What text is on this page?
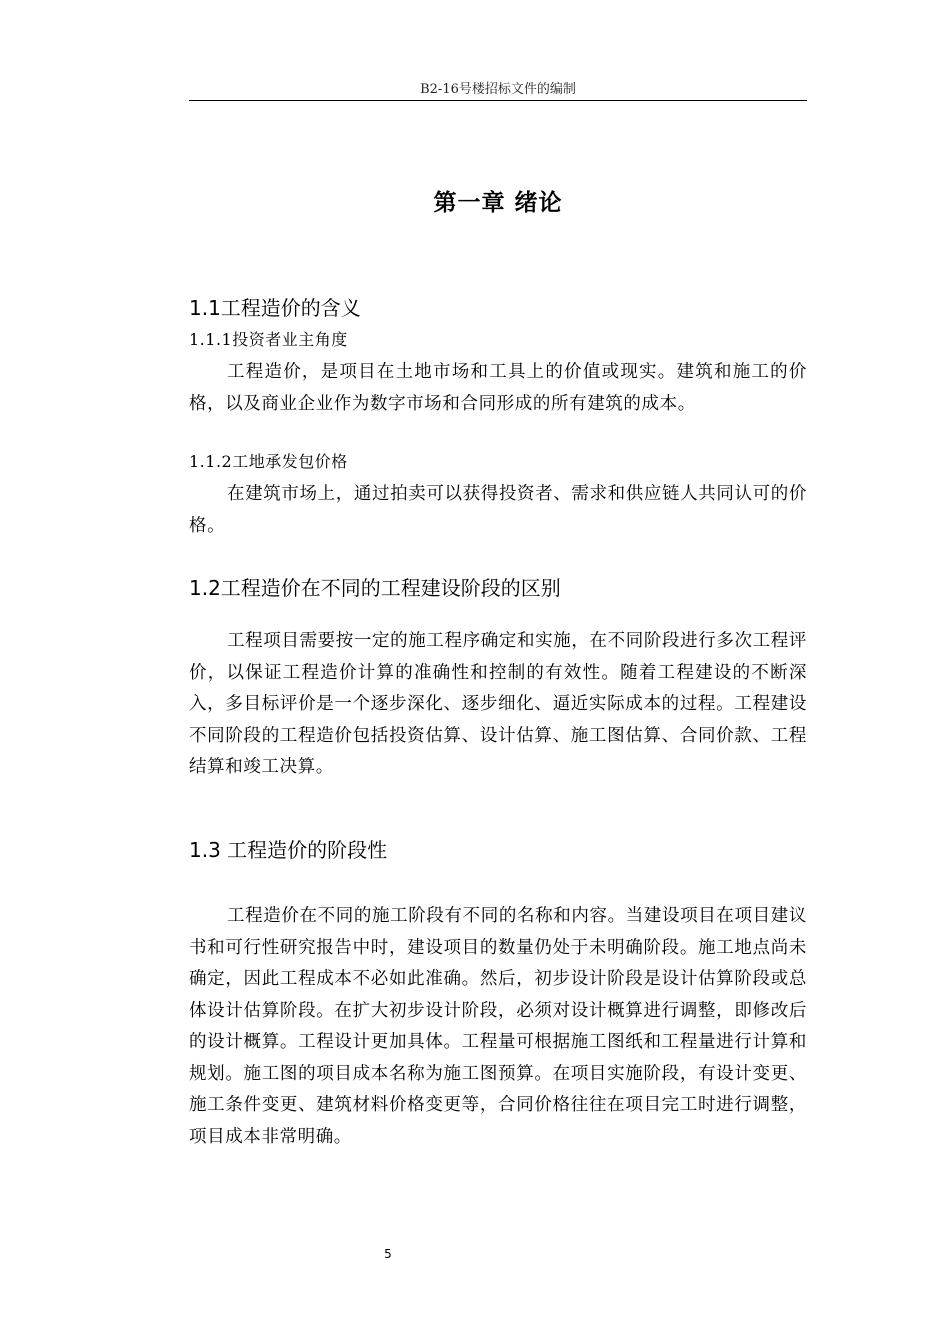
B2-16号楼招标文件的编制
第一章 绪论
1.1工程造价的含义
1.1.1投资者业主角度
工程造价，是项目在土地市场和工具上的价值或现实。建筑和施工的价格，以及商业企业作为数字市场和合同形成的所有建筑的成本。
1.1.2工地承发包价格
在建筑市场上，通过拍卖可以获得投资者、需求和供应链人共同认可的价格。
1.2工程造价在不同的工程建设阶段的区别
工程项目需要按一定的施工程序确定和实施，在不同阶段进行多次工程评价，以保证工程造价计算的准确性和控制的有效性。随着工程建设的不断深入，多目标评价是一个逐步深化、逐步细化、逼近实际成本的过程。工程建设不同阶段的工程造价包括投资估算、设计估算、施工图估算、合同价款、工程结算和竣工决算。
1.3 工程造价的阶段性
工程造价在不同的施工阶段有不同的名称和内容。当建设项目在项目建议书和可行性研究报告中时，建设项目的数量仍处于未明确阶段。施工地点尚未确定，因此工程成本不必如此准确。然后，初步设计阶段是设计估算阶段或总体设计估算阶段。在扩大初步设计阶段，必须对设计概算进行调整，即修改后的设计概算。工程设计更加具体。工程量可根据施工图纸和工程量进行计算和规划。施工图的项目成本名称为施工图预算。在项目实施阶段，有设计变更、施工条件变更、建筑材料价格变更等，合同价格往往在项目完工时进行调整，项目成本非常明确。
5
